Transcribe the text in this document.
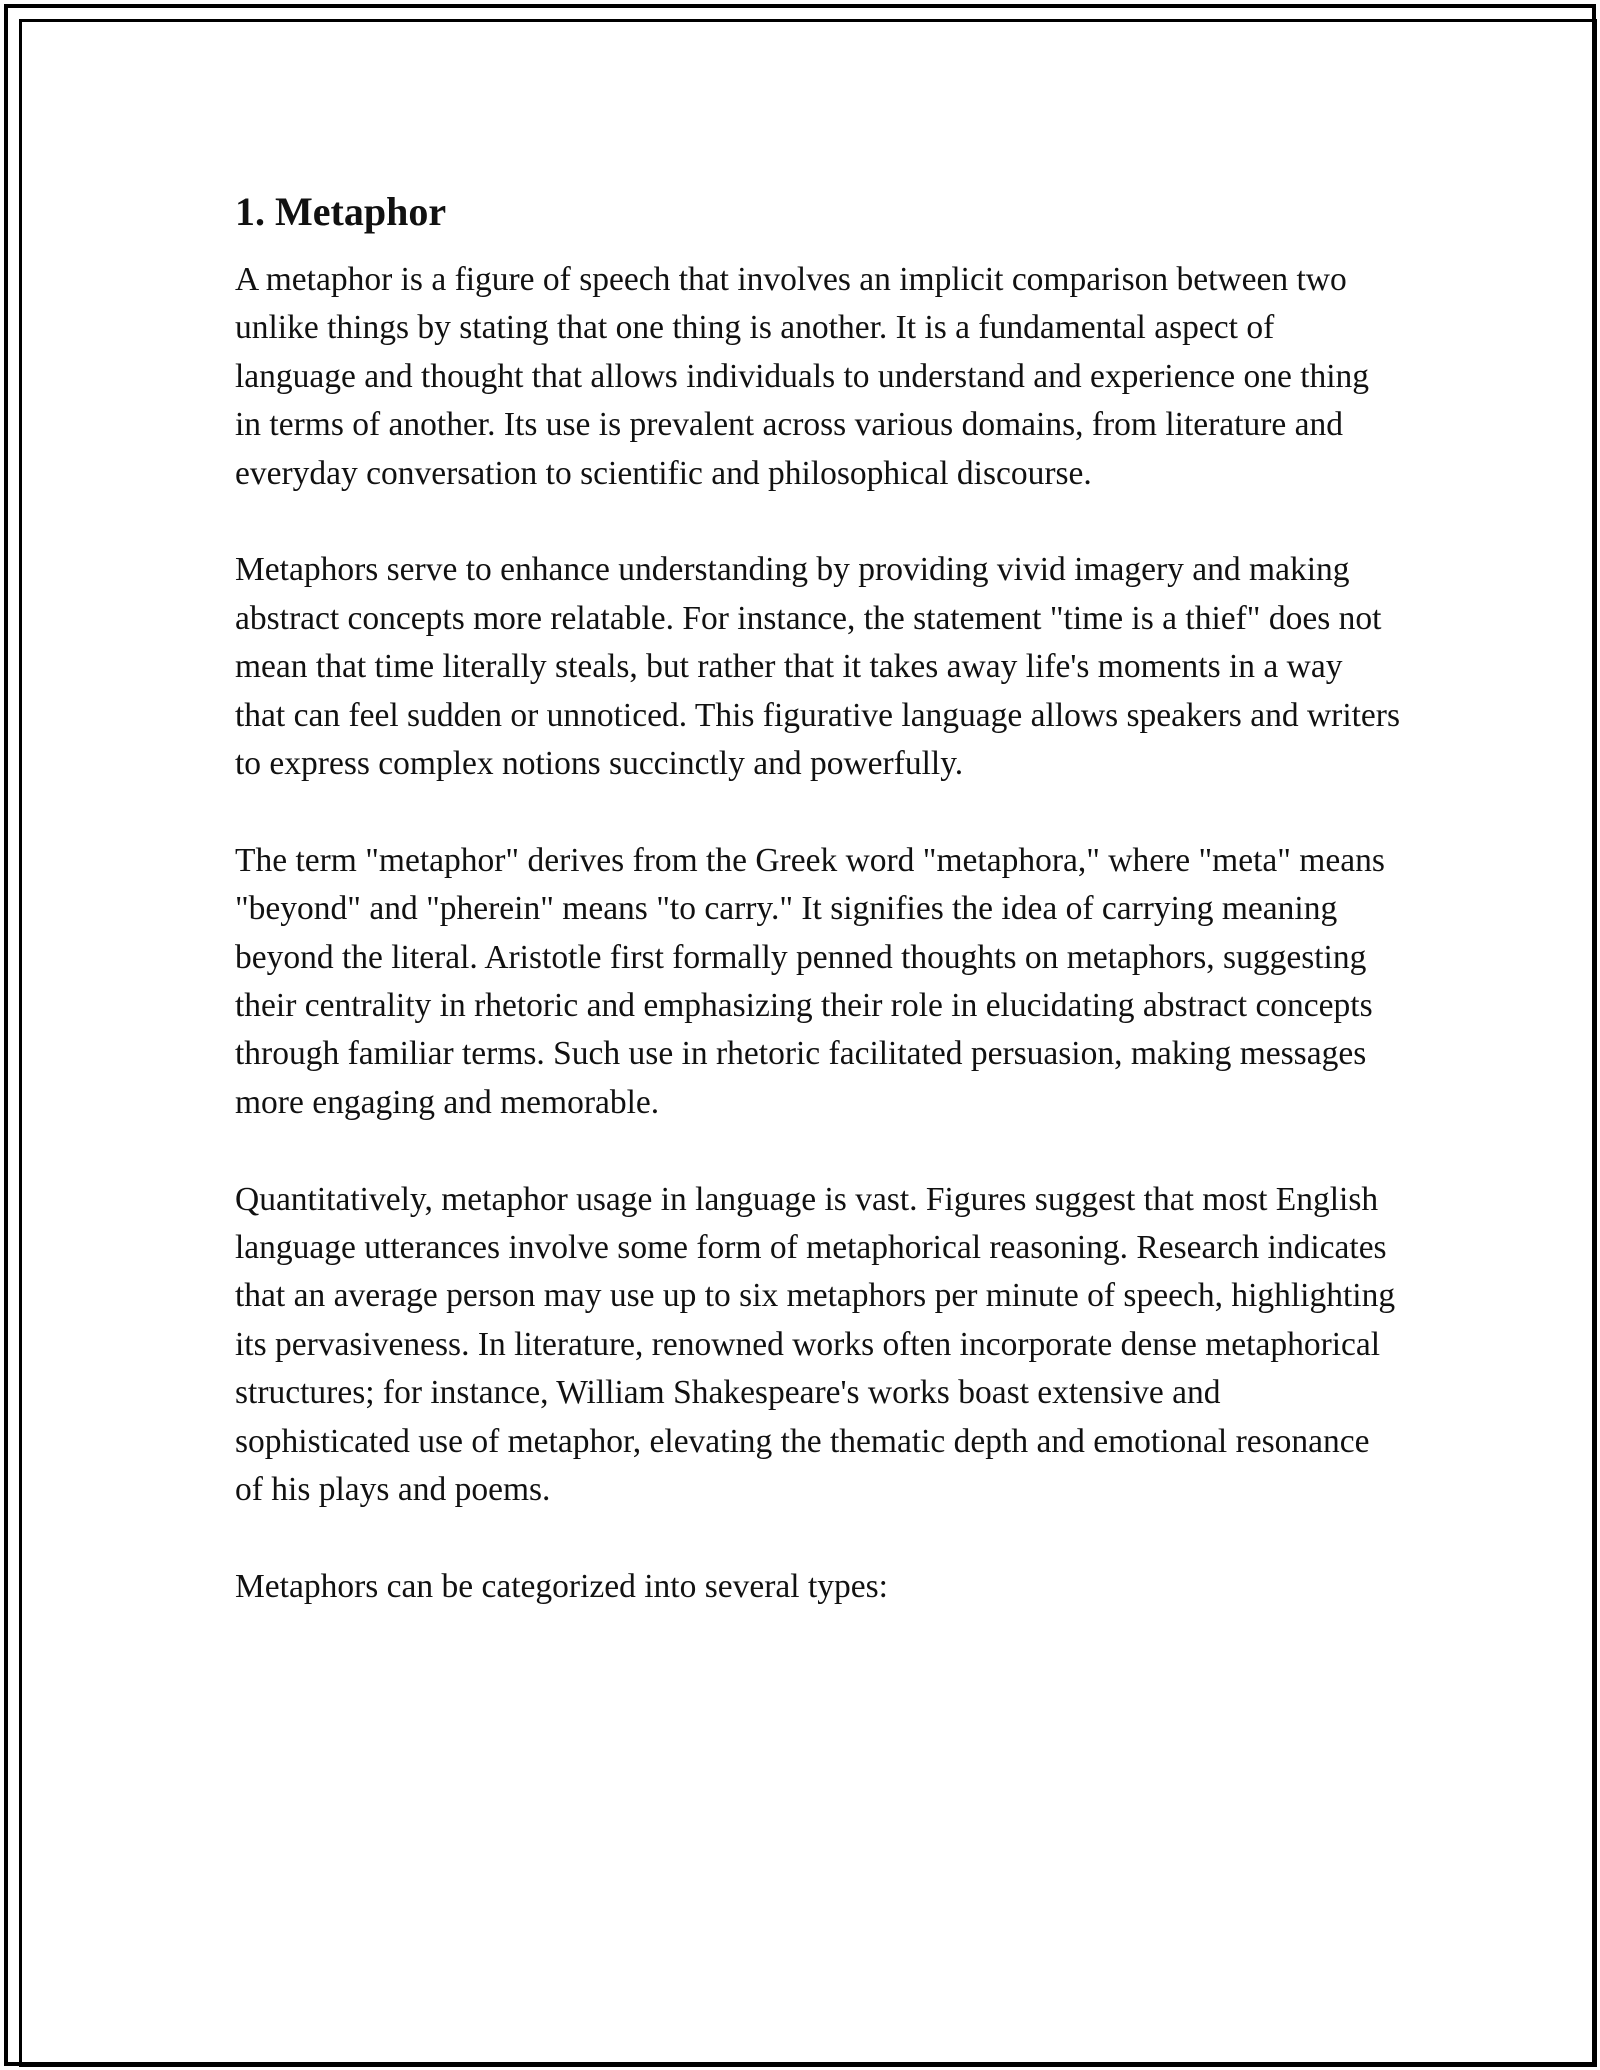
1. Metaphor

A metaphor is a figure of speech that involves an implicit comparison between two unlike things by stating that one thing is another. It is a fundamental aspect of language and thought that allows individuals to understand and experience one thing in terms of another. Its use is prevalent across various domains, from literature and everyday conversation to scientific and philosophical discourse.

Metaphors serve to enhance understanding by providing vivid imagery and making abstract concepts more relatable. For instance, the statement "time is a thief" does not mean that time literally steals, but rather that it takes away life's moments in a way that can feel sudden or unnoticed. This figurative language allows speakers and writers to express complex notions succinctly and powerfully.

The term "metaphor" derives from the Greek word "metaphora," where "meta" means "beyond" and "pherein" means "to carry." It signifies the idea of carrying meaning beyond the literal. Aristotle first formally penned thoughts on metaphors, suggesting their centrality in rhetoric and emphasizing their role in elucidating abstract concepts through familiar terms. Such use in rhetoric facilitated persuasion, making messages more engaging and memorable.

Quantitatively, metaphor usage in language is vast. Figures suggest that most English language utterances involve some form of metaphorical reasoning. Research indicates that an average person may use up to six metaphors per minute of speech, highlighting its pervasiveness. In literature, renowned works often incorporate dense metaphorical structures; for instance, William Shakespeare's works boast extensive and sophisticated use of metaphor, elevating the thematic depth and emotional resonance of his plays and poems.

Metaphors can be categorized into several types:
